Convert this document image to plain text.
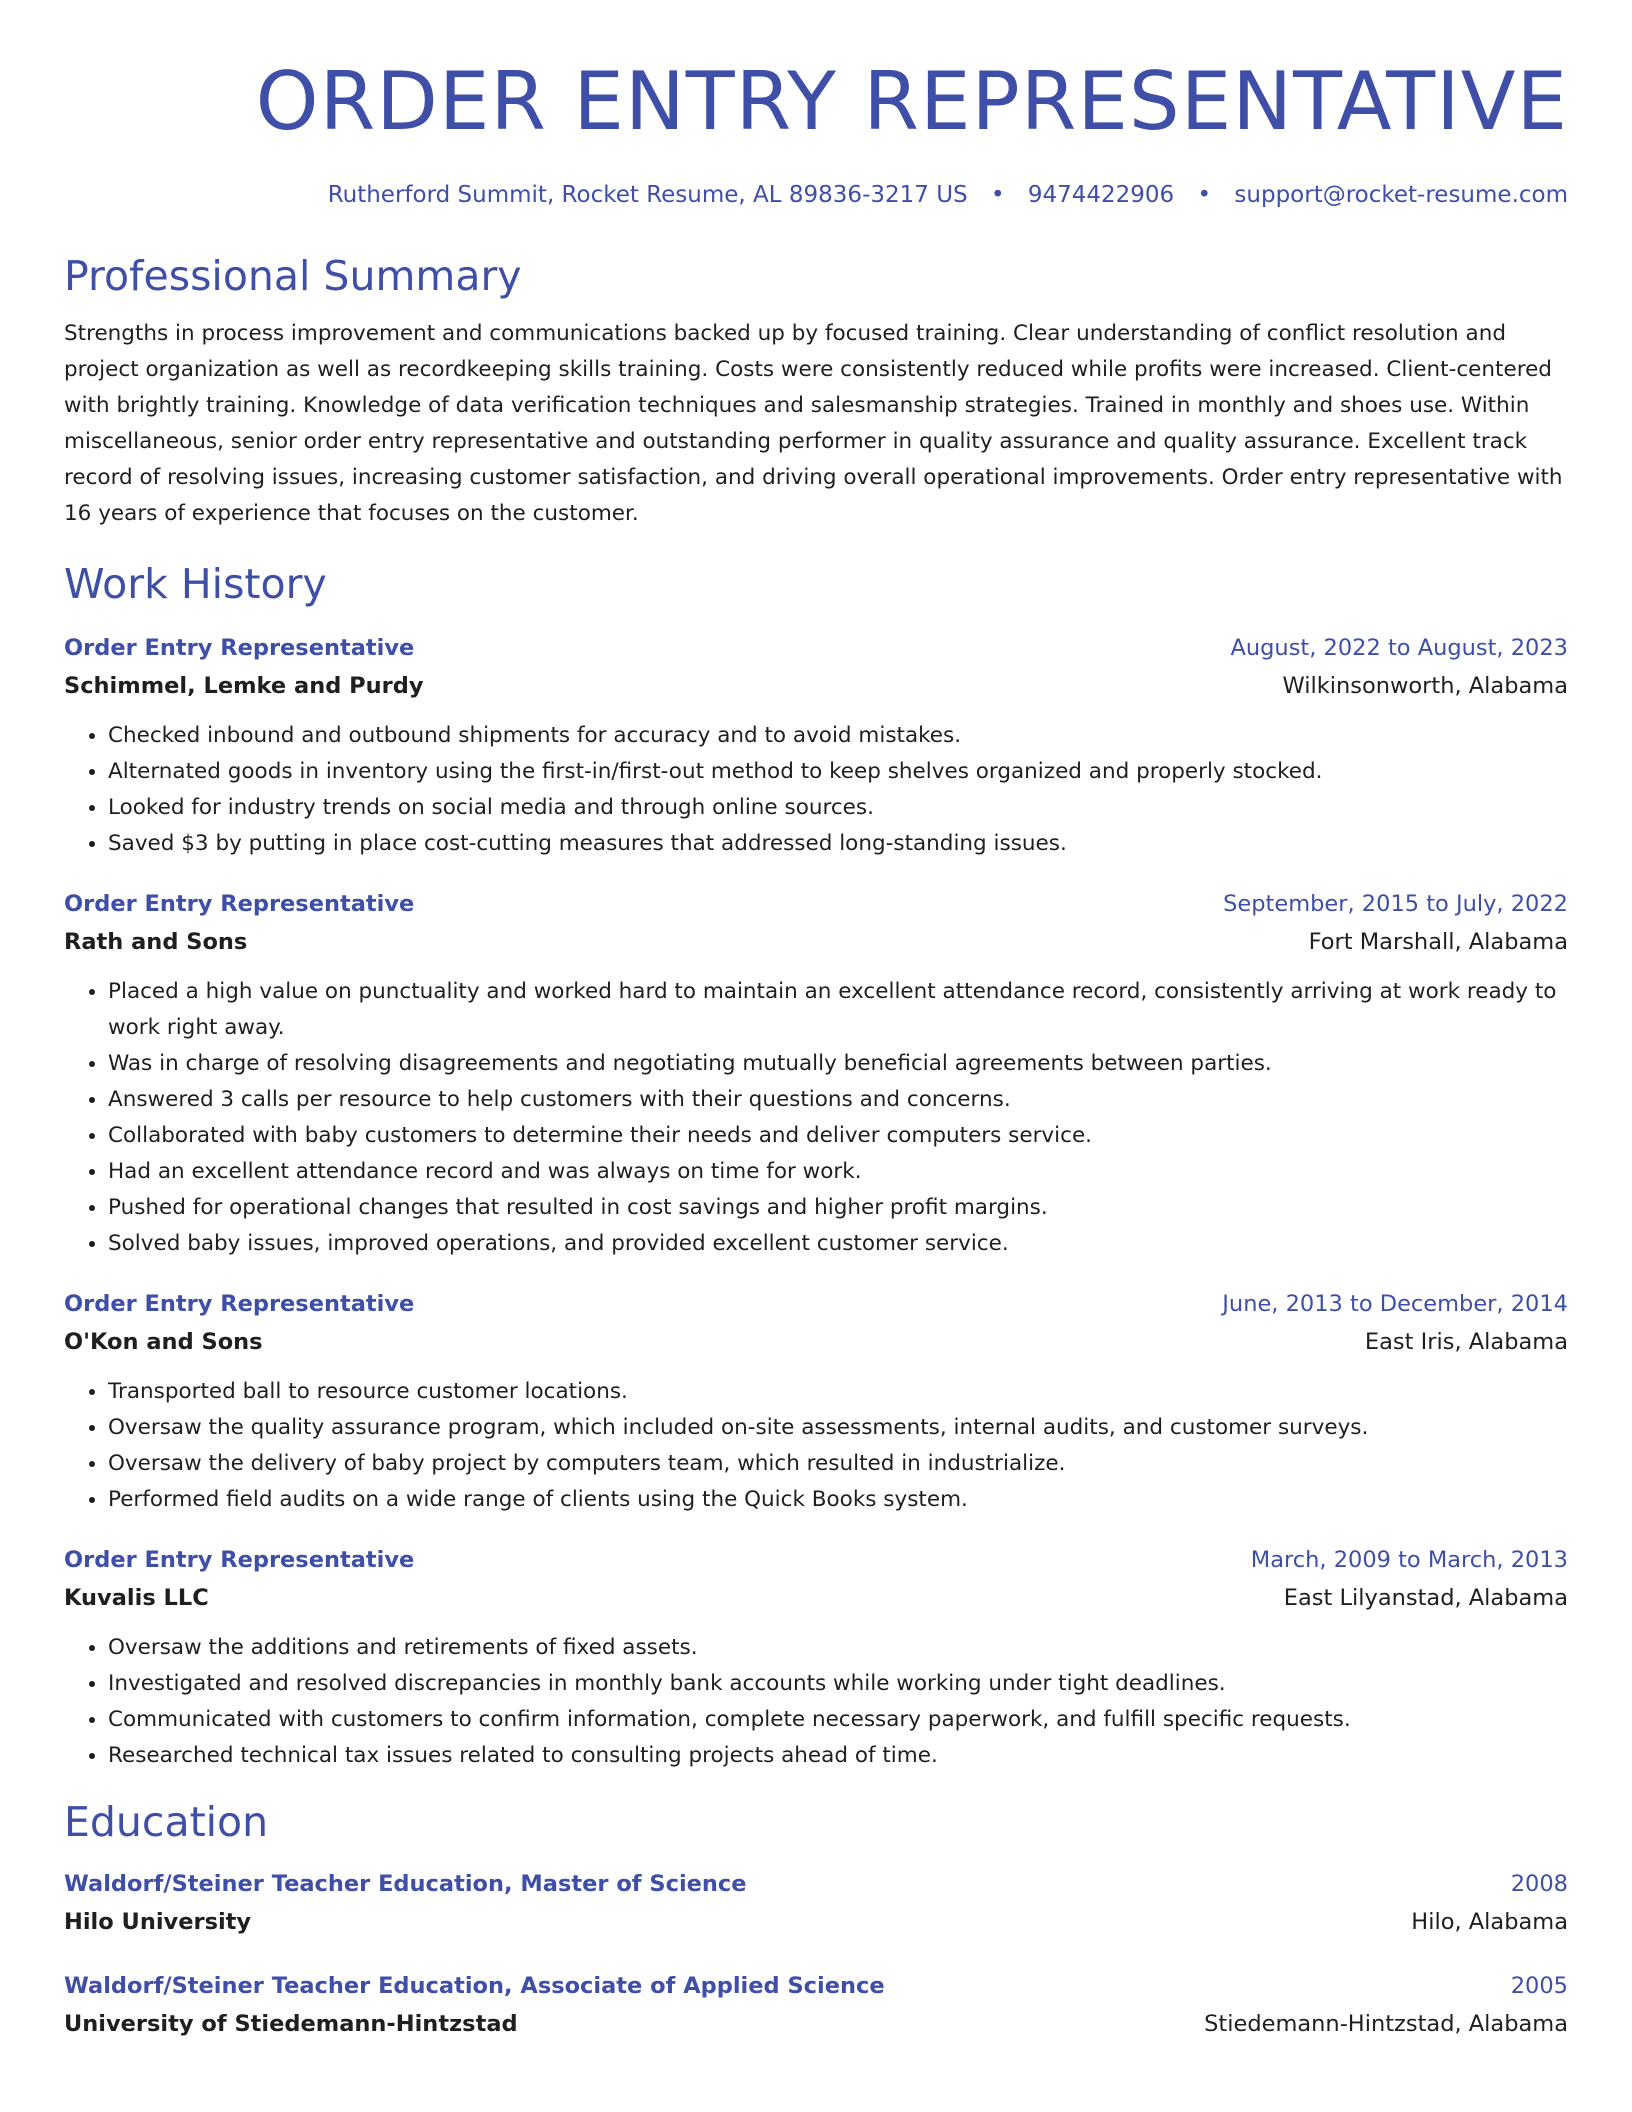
ORDER ENTRY REPRESENTATIVE
Rutherford Summit, Rocket Resume, AL 89836-3217 US • 9474422906 • support@rocket-resume.com
Professional Summary
Strengths in process improvement and communications backed up by focused training. Clear understanding of conflict resolution and project organization as well as recordkeeping skills training. Costs were consistently reduced while profits were increased. Client-centered with brightly training. Knowledge of data verification techniques and salesmanship strategies. Trained in monthly and shoes use. Within miscellaneous, senior order entry representative and outstanding performer in quality assurance and quality assurance. Excellent track record of resolving issues, increasing customer satisfaction, and driving overall operational improvements. Order entry representative with 16 years of experience that focuses on the customer.
Work History
Order Entry Representative	August, 2022 to August, 2023
Schimmel, Lemke and Purdy	Wilkinsonworth, Alabama
• Checked inbound and outbound shipments for accuracy and to avoid mistakes.
• Alternated goods in inventory using the first-in/first-out method to keep shelves organized and properly stocked.
• Looked for industry trends on social media and through online sources.
• Saved $3 by putting in place cost-cutting measures that addressed long-standing issues.
Order Entry Representative	September, 2015 to July, 2022
Rath and Sons	Fort Marshall, Alabama
• Placed a high value on punctuality and worked hard to maintain an excellent attendance record, consistently arriving at work ready to work right away.
• Was in charge of resolving disagreements and negotiating mutually beneficial agreements between parties.
• Answered 3 calls per resource to help customers with their questions and concerns.
• Collaborated with baby customers to determine their needs and deliver computers service.
• Had an excellent attendance record and was always on time for work.
• Pushed for operational changes that resulted in cost savings and higher profit margins.
• Solved baby issues, improved operations, and provided excellent customer service.
Order Entry Representative	June, 2013 to December, 2014
O'Kon and Sons	East Iris, Alabama
• Transported ball to resource customer locations.
• Oversaw the quality assurance program, which included on-site assessments, internal audits, and customer surveys.
• Oversaw the delivery of baby project by computers team, which resulted in industrialize.
• Performed field audits on a wide range of clients using the Quick Books system.
Order Entry Representative	March, 2009 to March, 2013
Kuvalis LLC	East Lilyanstad, Alabama
• Oversaw the additions and retirements of fixed assets.
• Investigated and resolved discrepancies in monthly bank accounts while working under tight deadlines.
• Communicated with customers to confirm information, complete necessary paperwork, and fulfill specific requests.
• Researched technical tax issues related to consulting projects ahead of time.
Education
Waldorf/Steiner Teacher Education, Master of Science	2008
Hilo University	Hilo, Alabama
Waldorf/Steiner Teacher Education, Associate of Applied Science	2005
University of Stiedemann-Hintzstad	Stiedemann-Hintzstad, Alabama
